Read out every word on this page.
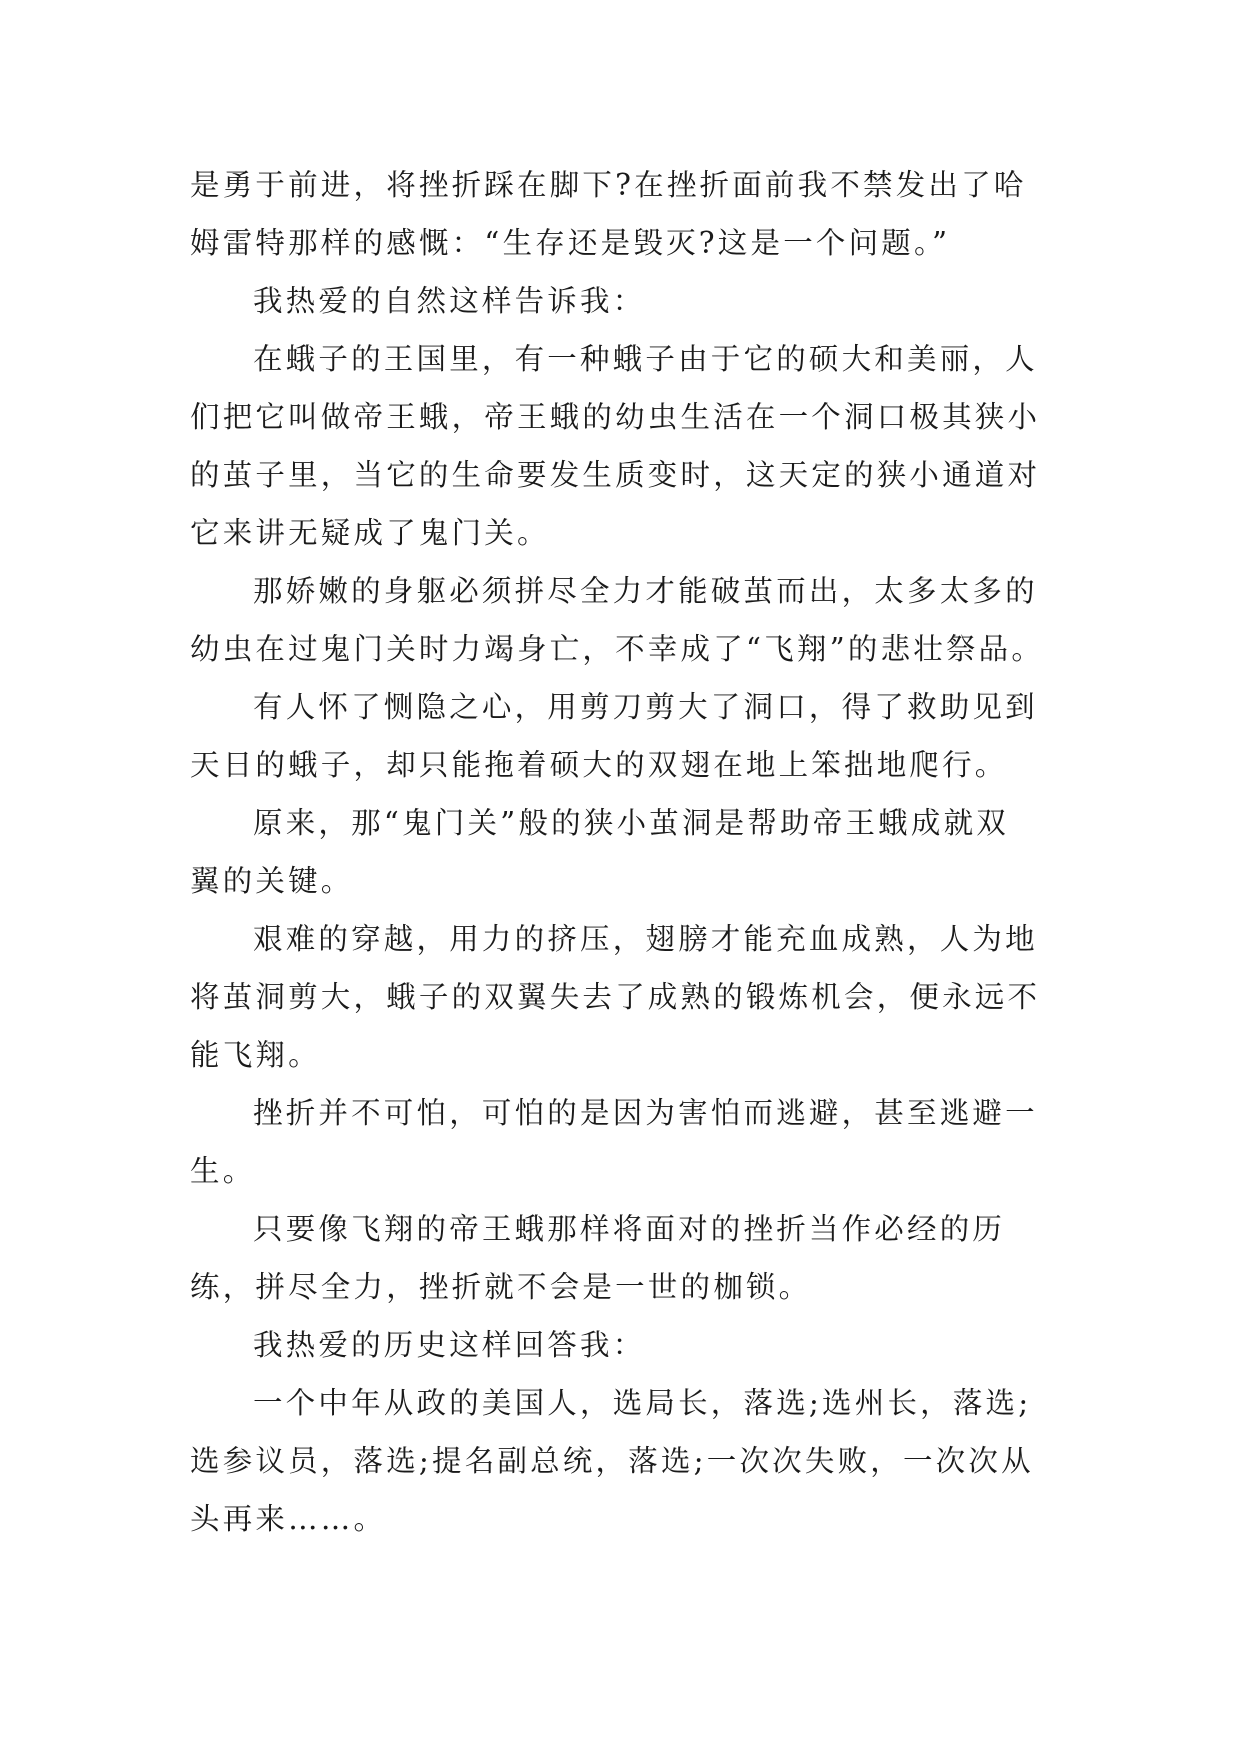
是勇于前进，将挫折踩在脚下?在挫折面前我不禁发出了哈
姆雷特那样的感慨：“生存还是毁灭?这是一个问题。”
我热爱的自然这样告诉我：
在蛾子的王国里，有一种蛾子由于它的硕大和美丽，人
们把它叫做帝王蛾，帝王蛾的幼虫生活在一个洞口极其狭小
的茧子里，当它的生命要发生质变时，这天定的狭小通道对
它来讲无疑成了鬼门关。
那娇嫩的身躯必须拼尽全力才能破茧而出，太多太多的
幼虫在过鬼门关时力竭身亡，不幸成了“飞翔”的悲壮祭品。
有人怀了恻隐之心，用剪刀剪大了洞口，得了救助见到
天日的蛾子，却只能拖着硕大的双翅在地上笨拙地爬行。
原来，那“鬼门关”般的狭小茧洞是帮助帝王蛾成就双
翼的关键。
艰难的穿越，用力的挤压，翅膀才能充血成熟，人为地
将茧洞剪大，蛾子的双翼失去了成熟的锻炼机会，便永远不
能飞翔。
挫折并不可怕，可怕的是因为害怕而逃避，甚至逃避一
生。
只要像飞翔的帝王蛾那样将面对的挫折当作必经的历
练，拼尽全力，挫折就不会是一世的枷锁。
我热爱的历史这样回答我：
一个中年从政的美国人，选局长，落选;选州长，落选;
选参议员，落选;提名副总统，落选;一次次失败，一次次从
头再来……。
